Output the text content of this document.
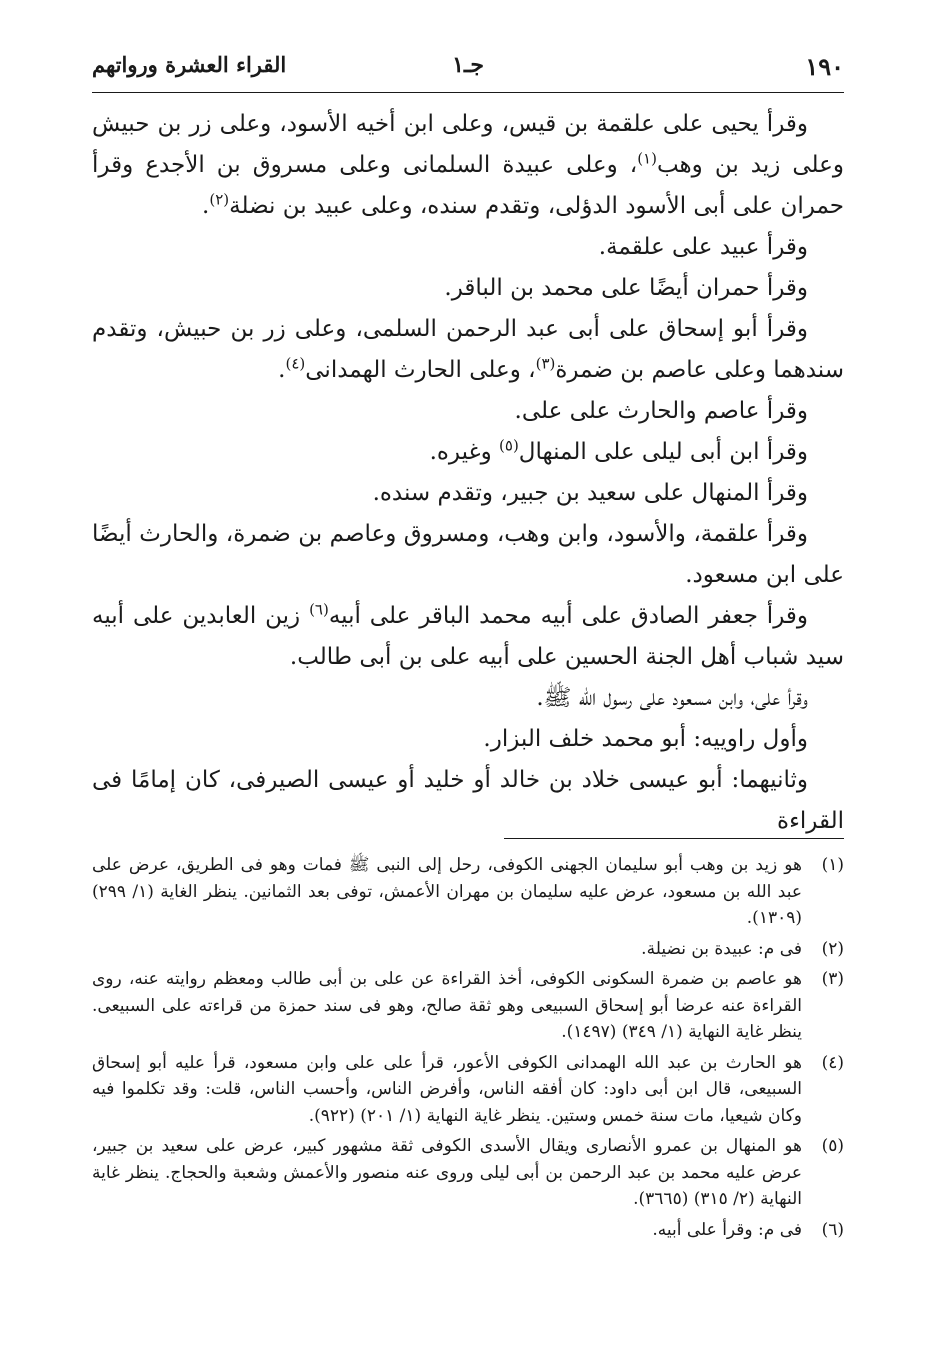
١٩٠
جـ١
القراء العشرة ورواتهم

وقرأ يحيى على علقمة بن قيس، وعلى ابن أخيه الأسود، وعلى زر بن حبيش وعلى زيد بن وهب$^{(١)}$، وعلى عبيدة السلمانى وعلى مسروق بن الأجدع وقرأ حمران على أبى الأسود الدؤلى، وتقدم سنده، وعلى عبيد بن نضلة$^{(٢)}$.

وقرأ عبيد على علقمة.

وقرأ حمران أيضًا على محمد بن الباقر.

وقرأ أبو إسحاق على أبى عبد الرحمن السلمى، وعلى زر بن حبيش، وتقدم سندهما وعلى عاصم بن ضمرة$^{(٣)}$، وعلى الحارث الهمدانى$^{(٤)}$.

وقرأ عاصم والحارث على على.

وقرأ ابن أبى ليلى على المنهال$^{(٥)}$ وغيره.

وقرأ المنهال على سعيد بن جبير، وتقدم سنده.

وقرأ علقمة، والأسود، وابن وهب، ومسروق وعاصم بن ضمرة، والحارث أيضًا على ابن مسعود.

وقرأ جعفر الصادق على أبيه محمد الباقر على أبيه$^{(٦)}$ زين العابدين على أبيه سيد شباب أهل الجنة الحسين على أبيه على بن أبى طالب.

وقرأ على، وابن مسعود على رسول الله ﷺ.

وأول راوييه: أبو محمد خلف البزار.

وثانيهما: أبو عيسى خلاد بن خالد أو خليد أو عيسى الصيرفى، كان إمامًا فى القراءة

(١)
هو زيد بن وهب أبو سليمان الجهنى الكوفى، رحل إلى النبى ﷺ فمات وهو فى الطريق، عرض على عبد الله بن مسعود، عرض عليه سليمان بن مهران الأعمش، توفى بعد الثمانين. ينظر الغاية (١/ ٢٩٩) (١٣٠٩).
(٢)
فى م: عبيدة بن نضيلة.
(٣)
هو عاصم بن ضمرة السكونى الكوفى، أخذ القراءة عن على بن أبى طالب ومعظم روايته عنه، روى القراءة عنه عرضا أبو إسحاق السبيعى وهو ثقة صالح، وهو فى سند حمزة من قراءته على السبيعى. ينظر غاية النهاية (١/ ٣٤٩) (١٤٩٧).
(٤)
هو الحارث بن عبد الله الهمدانى الكوفى الأعور، قرأ على على وابن مسعود، قرأ عليه أبو إسحاق السبيعى، قال ابن أبى داود: كان أفقه الناس، وأفرض الناس، وأحسب الناس، قلت: وقد تكلموا فيه وكان شيعيا، مات سنة خمس وستين. ينظر غاية النهاية (١/ ٢٠١) (٩٢٢).
(٥)
هو المنهال بن عمرو الأنصارى ويقال الأسدى الكوفى ثقة مشهور كبير، عرض على سعيد بن جبير، عرض عليه محمد بن عبد الرحمن بن أبى ليلى وروى عنه منصور والأعمش وشعبة والحجاج. ينظر غاية النهاية (٢/ ٣١٥) (٣٦٦٥).
(٦)
فى م: وقرأ على أبيه.
